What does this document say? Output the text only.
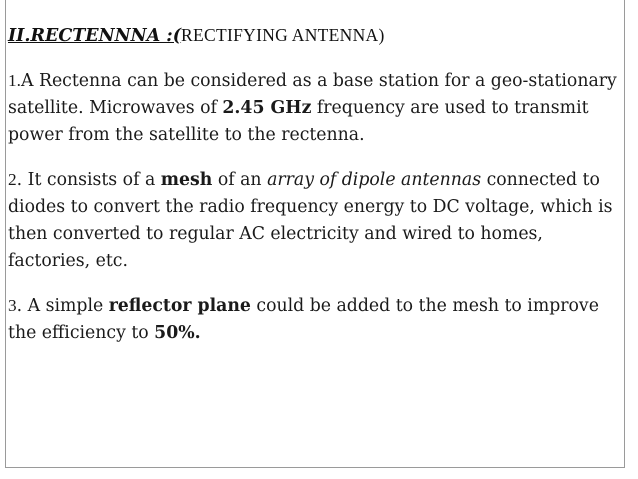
II.RECTENNNA :(RECTIFYING ANTENNA)
1.A Rectenna can be considered as a base station for a geo-stationary satellite. Microwaves of 2.45 GHz frequency are used to transmit power from the satellite to the rectenna.
2. It consists of a mesh of an array of dipole antennas connected to diodes to convert the radio frequency energy to DC voltage, which is then converted to regular AC electricity and wired to homes, factories, etc.
3. A simple reflector plane could be added to the mesh to improve the efficiency to 50%.
